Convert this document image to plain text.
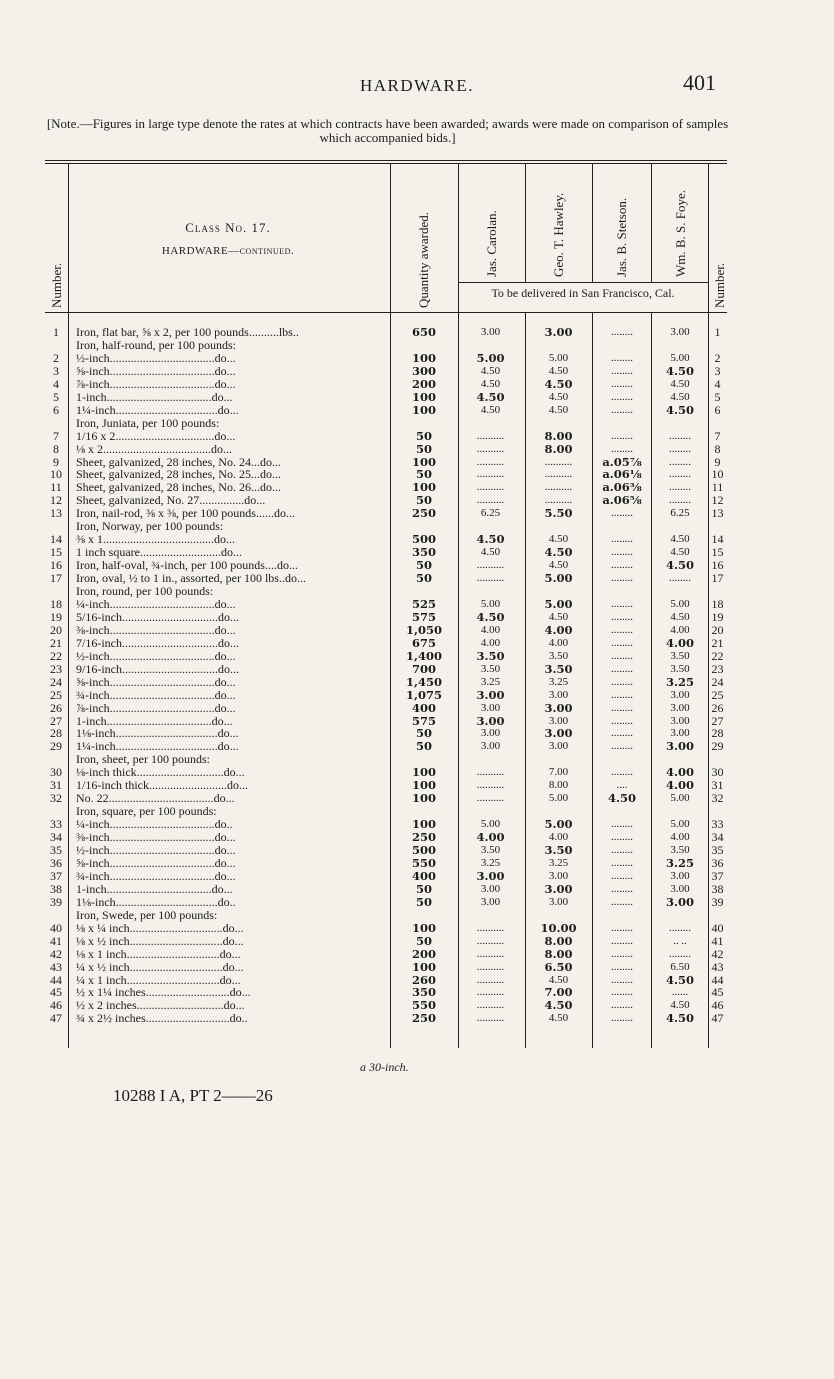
HARDWARE.	401
[Note.—Figures in large type denote the rates at which contracts have been awarded; awards were made on comparison of samples which accompanied bids.]
Number.
Class No. 17.
HARDWARE—continued.	Quantity awarded.	Jas. Carolan.	Geo. T. Hawley.	Jas. B. Stetson.	Wm. B. S. Foye.
Number.
To be delivered in San Francisco, Cal.
1	Iron, flat bar, ⅝ x 2, per 100 pounds..........lbs..	650	3.00	3.00	........	3.00	1
Iron, half-round, per 100 pounds:
2	½-inch...................................do...	100	5.00	5.00	........	5.00	2
3	⅝-inch...................................do...	300	4.50	4.50	........	4.50	3
4	⅞-inch...................................do...	200	4.50	4.50	........	4.50	4
5	1-inch...................................do...	100	4.50	4.50	........	4.50	5
6	1¼-inch..................................do...	100	4.50	4.50	........	4.50	6
Iron, Juniata, per 100 pounds:
7	1/16 x 2.................................do...	50	..........	8.00	........	........	7
8	⅛ x 2....................................do...	50	..........	8.00	........	........	8
9	Sheet, galvanized, 28 inches, No. 24...do...	100	..........	..........	a.05⅞	........	9
10	Sheet, galvanized, 28 inches, No. 25...do...	50	..........	..........	a.06⅛	........	10
11	Sheet, galvanized, 28 inches, No. 26...do...	100	..........	..........	a.06⅜	........	11
12	Sheet, galvanized, No. 27...............do...	50	..........	..........	a.06⅝	........	12
13	Iron, nail-rod, ⅜ x ⅜, per 100 pounds......do...	250	6.25	5.50	........	6.25	13
Iron, Norway, per 100 pounds:
14	⅜ x 1.....................................do...	500	4.50	4.50	........	4.50	14
15	1 inch square...........................do...	350	4.50	4.50	........	4.50	15
16	Iron, half-oval, ¾-inch, per 100 pounds....do...	50	..........	4.50	........	4.50	16
17	Iron, oval, ½ to 1 in., assorted, per 100 lbs..do...	50	..........	5.00	........	........	17
Iron, round, per 100 pounds:
18	¼-inch...................................do...	525	5.00	5.00	........	5.00	18
19	5/16-inch................................do...	575	4.50	4.50	........	4.50	19
20	⅜-inch...................................do...	1,050	4.00	4.00	........	4.00	20
21	7/16-inch................................do...	675	4.00	4.00	........	4.00	21
22	½-inch...................................do...	1,400	3.50	3.50	........	3.50	22
23	9/16-inch................................do...	700	3.50	3.50	........	3.50	23
24	⅝-inch...................................do...	1,450	3.25	3.25	........	3.25	24
25	¾-inch...................................do...	1,075	3.00	3.00	........	3.00	25
26	⅞-inch...................................do...	400	3.00	3.00	........	3.00	26
27	1-inch...................................do...	575	3.00	3.00	........	3.00	27
28	1⅛-inch..................................do...	50	3.00	3.00	........	3.00	28
29	1¼-inch..................................do...	50	3.00	3.00	........	3.00	29
Iron, sheet, per 100 pounds:
30	⅛-inch thick.............................do...	100	..........	7.00	........	4.00	30
31	1/16-inch thick..........................do...	100	..........	8.00	....	4.00	31
32	No. 22...................................do...	100	..........	5.00	4.50	5.00	32
Iron, square, per 100 pounds:
33	¼-inch...................................do..	100	5.00	5.00	........	5.00	33
34	⅜-inch...................................do...	250	4.00	4.00	........	4.00	34
35	½-inch...................................do...	500	3.50	3.50	........	3.50	35
36	⅝-inch...................................do...	550	3.25	3.25	........	3.25	36
37	¾-inch...................................do...	400	3.00	3.00	........	3.00	37
38	1-inch...................................do...	50	3.00	3.00	........	3.00	38
39	1⅛-inch..................................do..	50	3.00	3.00	........	3.00	39
Iron, Swede, per 100 pounds:
40	⅛ x ¼ inch...............................do...	100	..........	10.00	........	........	40
41	⅛ x ½ inch...............................do...	50	..........	8.00	........	.. ..	41
42	⅛ x 1 inch...............................do...	200	..........	8.00	........	........	42
43	¼ x ½ inch...............................do...	100	..........	6.50	........	6.50	43
44	¼ x 1 inch...............................do...	260	..........	4.50	........	4.50	44
45	½ x 1¼ inches............................do...	350	..........	7.00	........	......	45
46	½ x 2 inches.............................do...	550	..........	4.50	........	4.50	46
47	¾ x 2½ inches............................do..	250	..........	4.50	........	4.50	47
a 30-inch.
10288 I A, PT 2——26
